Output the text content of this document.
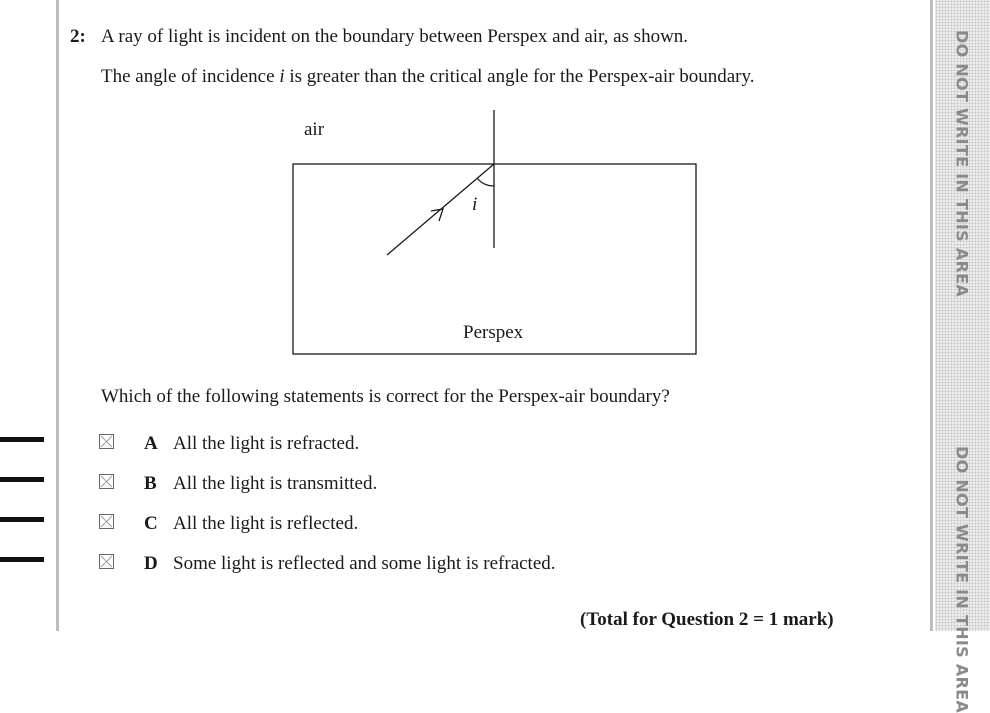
DO NOT WRITE IN THIS AREA
DO NOT WRITE IN THIS AREA
2: A ray of light is incident on the boundary between Perspex and air, as shown.
The angle of incidence i is greater than the critical angle for the Perspex-air boundary.
air
i
Perspex
Which of the following statements is correct for the Perspex-air boundary?
A All the light is refracted.
B All the light is transmitted.
C All the light is reflected.
D Some light is reflected and some light is refracted.
(Total for Question 2 = 1 mark)
